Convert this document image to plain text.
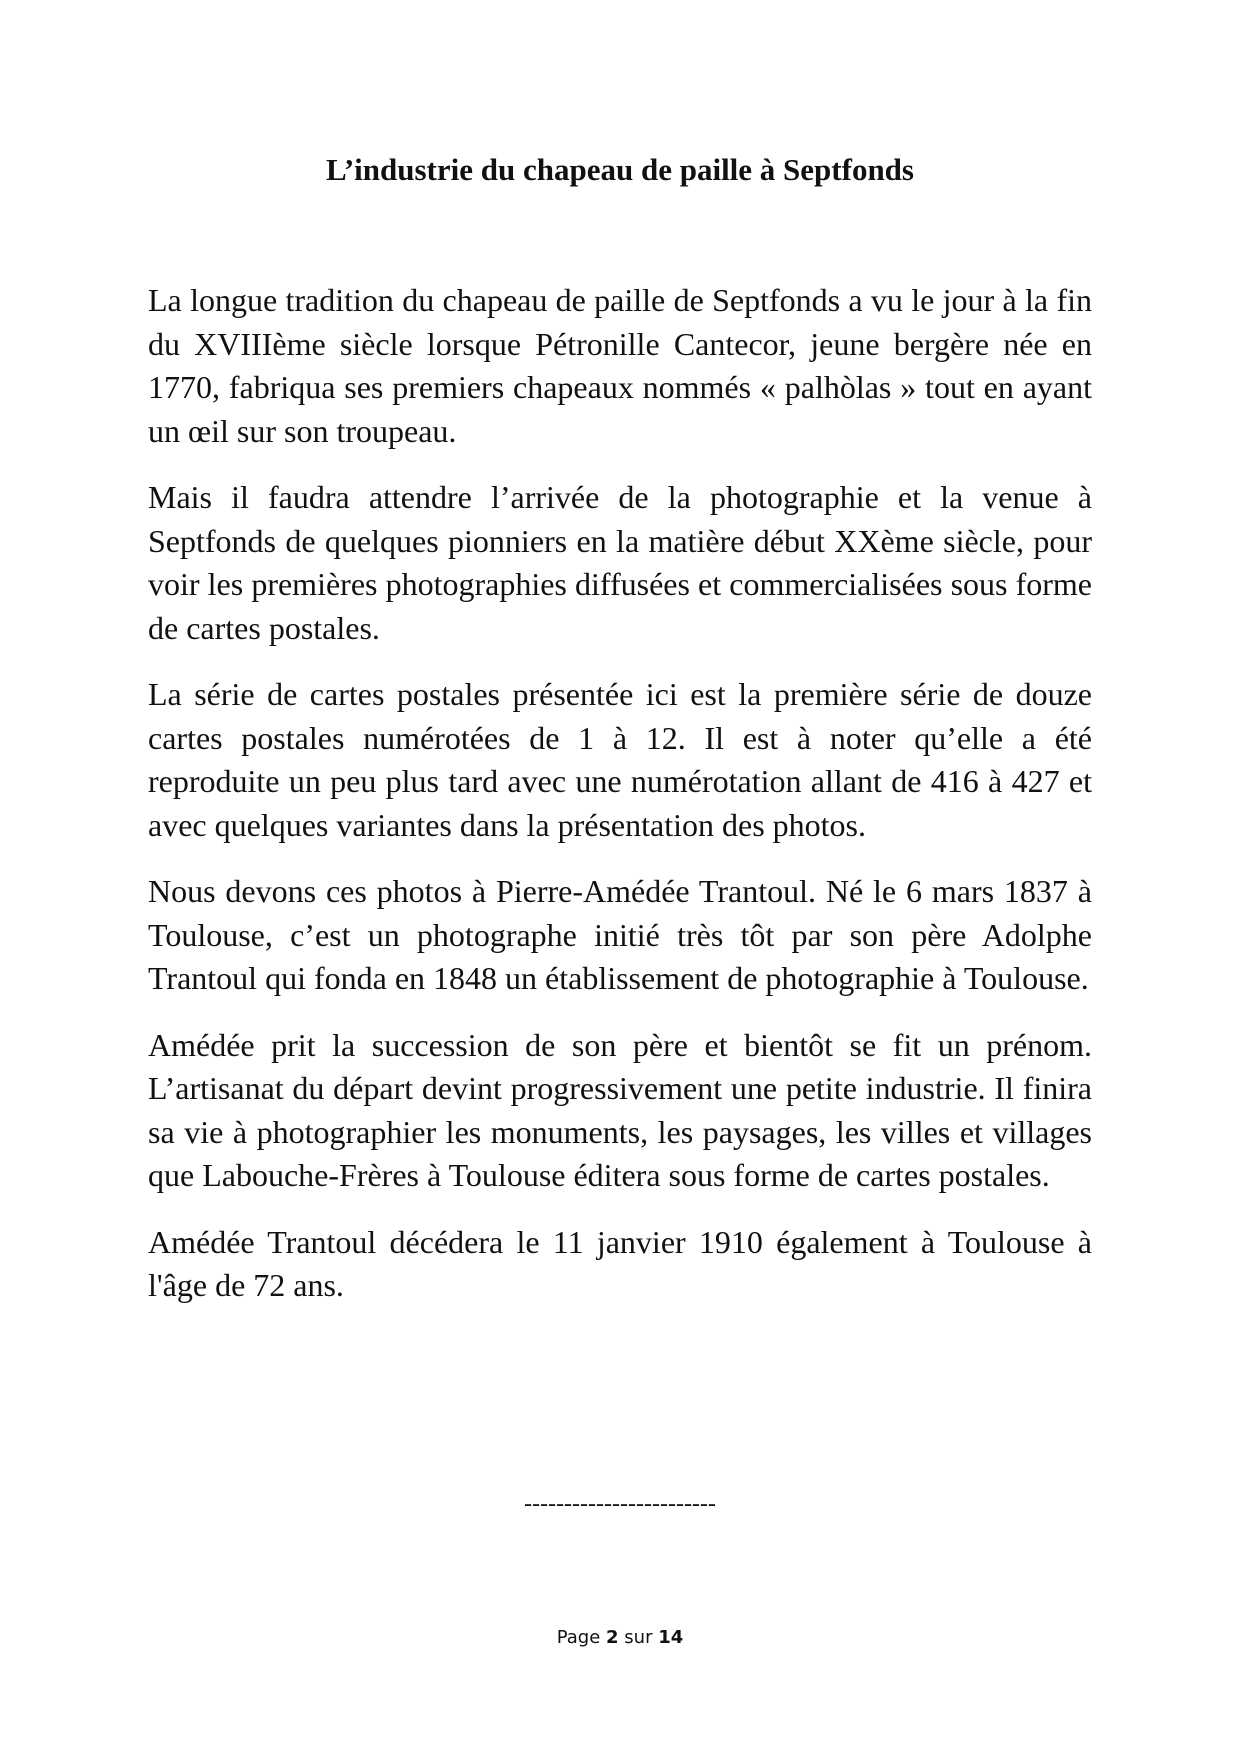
L’industrie du chapeau de paille à Septfonds

La longue tradition du chapeau de paille de Septfonds a vu le jour à la fin du XVIIIème siècle lorsque Pétronille Cantecor, jeune bergère née en 1770, fabriqua ses premiers chapeaux nommés « palhòlas » tout en ayant un œil sur son troupeau.

Mais il faudra attendre l’arrivée de la photographie et la venue à Septfonds de quelques pionniers en la matière début XXème siècle, pour voir les premières photographies diffusées et commercialisées sous forme de cartes postales.

La série de cartes postales présentée ici est la première série de douze cartes postales numérotées de 1 à 12. Il est à noter qu’elle a été reproduite un peu plus tard avec une numérotation allant de 416 à 427 et avec quelques variantes dans la présentation des photos.

Nous devons ces photos à Pierre-Amédée Trantoul. Né le 6 mars 1837 à Toulouse, c’est un photographe initié très tôt par son père Adolphe Trantoul qui fonda en 1848 un établissement de photographie à Toulouse.

Amédée prit la succession de son père et bientôt se fit un prénom. L’artisanat du départ devint progressivement une petite industrie. Il finira sa vie à photographier les monuments, les paysages, les villes et villages que Labouche-Frères à Toulouse éditera sous forme de cartes postales.

Amédée Trantoul décédera le 11 janvier 1910 également à Toulouse à l'âge de 72 ans.

------------------------
Page 2 sur 14
